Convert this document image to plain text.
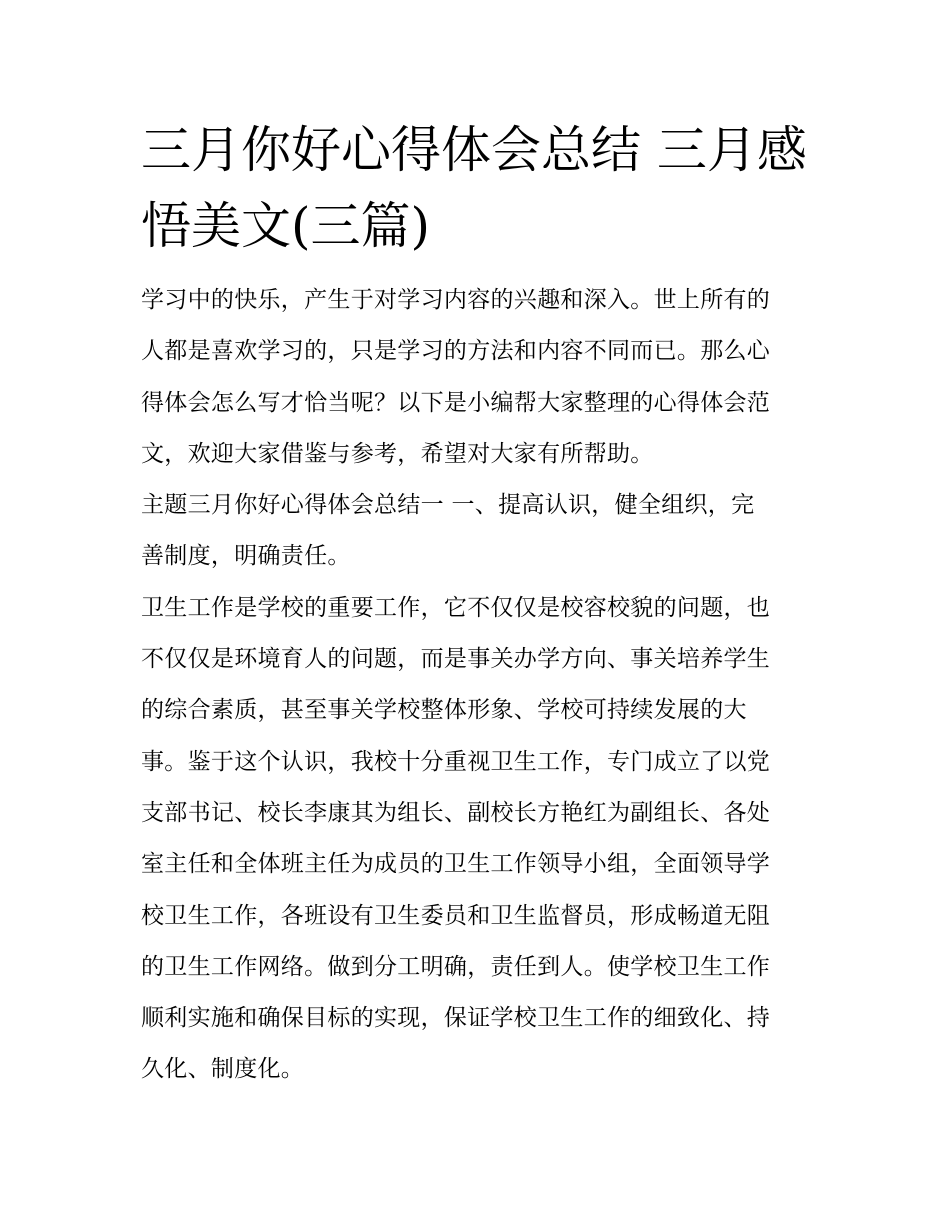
三月你好心得体会总结 三月感
悟美文(三篇)
学习中的快乐，产生于对学习内容的兴趣和深入。世上所有的
人都是喜欢学习的，只是学习的方法和内容不同而已。那么心
得体会怎么写才恰当呢？以下是小编帮大家整理的心得体会范
文，欢迎大家借鉴与参考，希望对大家有所帮助。
主题三月你好心得体会总结一 一、提高认识，健全组织，完
善制度，明确责任。
卫生工作是学校的重要工作，它不仅仅是校容校貌的问题，也
不仅仅是环境育人的问题，而是事关办学方向、事关培养学生
的综合素质，甚至事关学校整体形象、学校可持续发展的大
事。鉴于这个认识，我校十分重视卫生工作，专门成立了以党
支部书记、校长李康其为组长、副校长方艳红为副组长、各处
室主任和全体班主任为成员的卫生工作领导小组，全面领导学
校卫生工作，各班设有卫生委员和卫生监督员，形成畅道无阻
的卫生工作网络。做到分工明确，责任到人。使学校卫生工作
顺利实施和确保目标的实现，保证学校卫生工作的细致化、持
久化、制度化。
